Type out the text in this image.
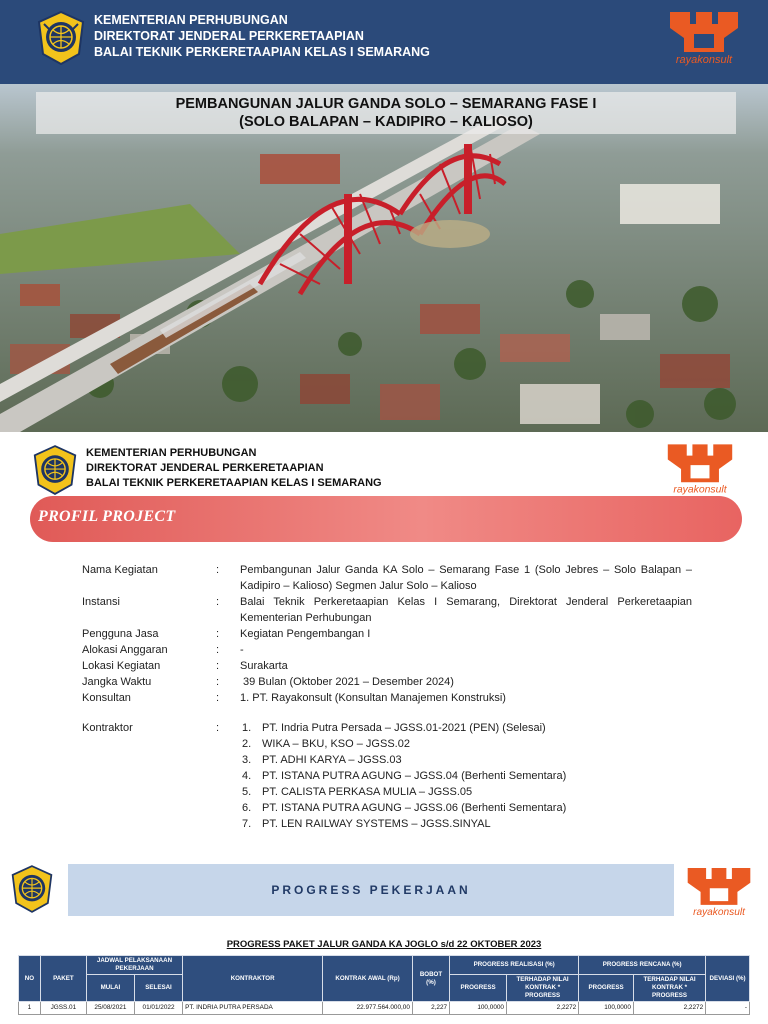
KEMENTERIAN PERHUBUNGAN
DIREKTORAT JENDERAL PERKERETAAPIAN
BALAI TEKNIK PERKERETAAPIAN KELAS I SEMARANG
rayakonsult
PEMBANGUNAN JALUR GANDA SOLO – SEMARANG FASE I
(SOLO BALAPAN – KADIPIRO – KALIOSO)
KEMENTERIAN PERHUBUNGAN
DIREKTORAT JENDERAL PERKERETAAPIAN
BALAI TEKNIK PERKERETAAPIAN KELAS I SEMARANG
rayakonsult
PROFIL PROJECT
Nama Kegiatan	:	Pembangunan Jalur Ganda KA Solo – Semarang Fase 1 (Solo Jebres – Solo Balapan – Kadipiro – Kalioso) Segmen Jalur Solo – Kalioso
Instansi	:	Balai Teknik Perkeretaapian Kelas I Semarang, Direktorat Jenderal Perkeretaapian Kementerian Perhubungan
Pengguna Jasa	:	Kegiatan Pengembangan I
Alokasi Anggaran	:	-
Lokasi Kegiatan	:	Surakarta
Jangka Waktu	:	39 Bulan (Oktober 2021 – Desember 2024)
Konsultan	:	1. PT. Rayakonsult (Konsultan Manajemen Konstruksi)
Kontraktor	:	1. PT. Indria Putra Persada – JGSS.01-2021 (PEN) (Selesai)
2. WIKA – BKU, KSO – JGSS.02
3. PT. ADHI KARYA – JGSS.03
4. PT. ISTANA PUTRA AGUNG – JGSS.04 (Berhenti Sementara)
5. PT. CALISTA PERKASA MULIA – JGSS.05
6. PT. ISTANA PUTRA AGUNG – JGSS.06 (Berhenti Sementara)
7. PT. LEN RAILWAY SYSTEMS – JGSS.SINYAL
PROGRESS PEKERJAAN
rayakonsult
PROGRESS PAKET JALUR GANDA KA JOGLO s/d 22 OKTOBER 2023
NO	PAKET	JADWAL PELAKSANAAN PEKERJAAN		KONTRAKTOR	KONTRAK AWAL (Rp)	BOBOT (%)	PROGRESS REALISASI (%)		PROGRESS RENCANA (%)		DEVIASI (%)
		MULAI	SELESAI				PROGRESS	TERHADAP NILAI KONTRAK * PROGRESS	PROGRESS	TERHADAP NILAI KONTRAK * PROGRESS	
1	JGSS.01	25/08/2021	01/01/2022	PT. INDRIA PUTRA PERSADA	22.977.564.000,00	2,227	100,0000	2,2272	100,0000	2,2272	-
